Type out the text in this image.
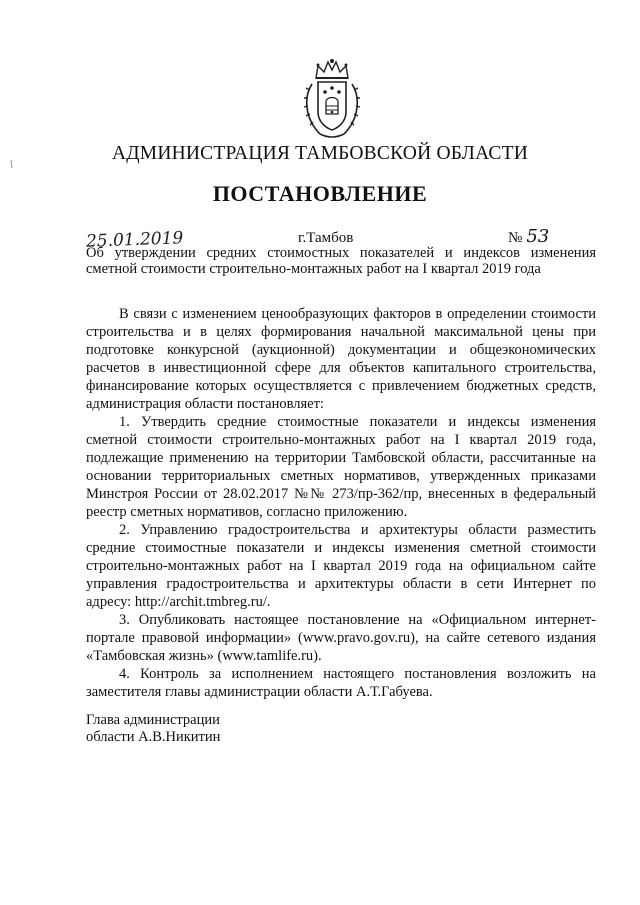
АДМИНИСТРАЦИЯ ТАМБОВСКОЙ ОБЛАСТИ
ПОСТАНОВЛЕНИЕ
25.01.2019	г.Тамбов	№ 53
Об утверждении средних стоимостных показателей и индексов изменения сметной стоимости строительно-монтажных работ на I квартал 2019 года

В связи с изменением ценообразующих факторов в определении стоимости строительства и в целях формирования начальной максимальной цены при подготовке конкурсной (аукционной) документации и общеэкономических расчетов в инвестиционной сфере для объектов капитального строительства, финансирование которых осуществляется с привлечением бюджетных средств, администрация области постановляет:

1. Утвердить средние стоимостные показатели и индексы изменения сметной стоимости строительно-монтажных работ на I квартал 2019 года, подлежащие применению на территории Тамбовской области, рассчитанные на основании территориальных сметных нормативов, утвержденных приказами Минстроя России от 28.02.2017 №№ 273/пр-362/пр, внесенных в федеральный реестр сметных нормативов, согласно приложению.

2. Управлению градостроительства и архитектуры области разместить средние стоимостные показатели и индексы изменения сметной стоимости строительно-монтажных работ на I квартал 2019 года на официальном сайте управления градостроительства и архитектуры области в сети Интернет по адресу: http://archit.tmbreg.ru/.

3. Опубликовать настоящее постановление на «Официальном интернет-портале правовой информации» (www.pravo.gov.ru), на сайте сетевого издания «Тамбовская жизнь» (www.tamlife.ru).

4. Контроль за исполнением настоящего постановления возложить на заместителя главы администрации области А.Т.Габуева.

Глава администрации
области А.В.Никитин
